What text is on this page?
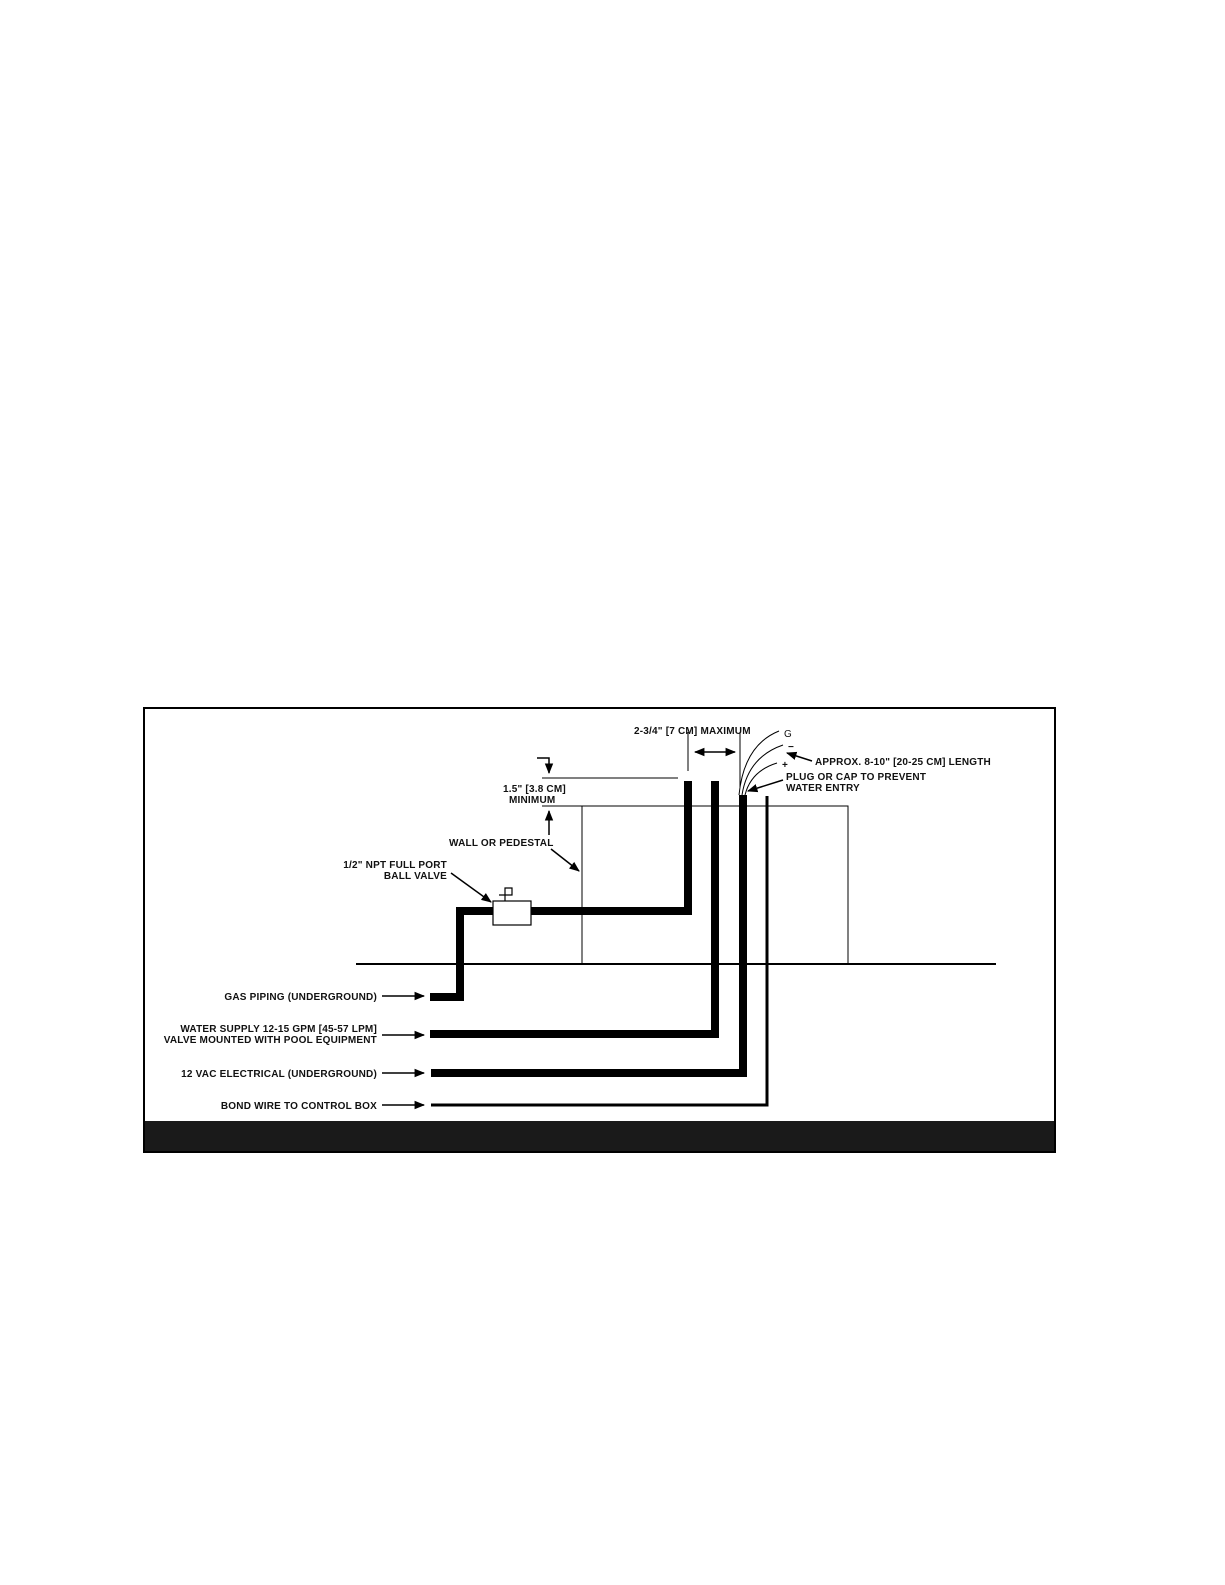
2-3/4" [7 CM] MAXIMUM	G
−
+	APPROX. 8-10" [20-25 CM] LENGTH
PLUG OR CAP TO PREVENT
WATER ENTRY
1.5" [3.8 CM]
MINIMUM
WALL OR PEDESTAL
1/2" NPT FULL PORT
BALL VALVE
GAS PIPING (UNDERGROUND)
WATER SUPPLY 12-15 GPM [45-57 LPM]
VALVE MOUNTED WITH POOL EQUIPMENT
12 VAC ELECTRICAL (UNDERGROUND)
BOND WIRE TO CONTROL BOX
